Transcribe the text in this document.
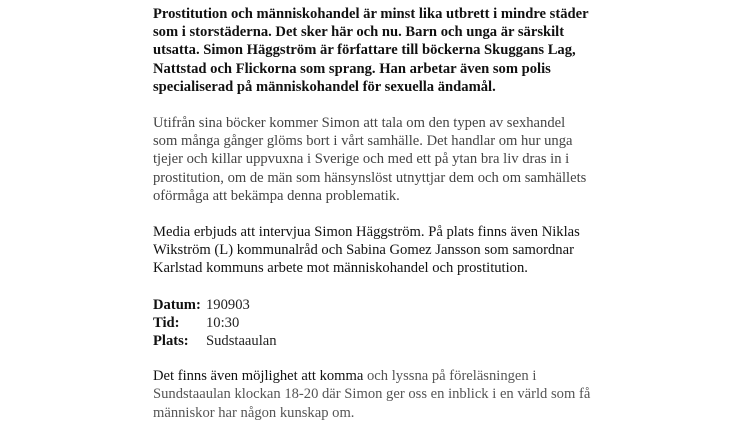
Prostitution och människohandel är minst lika utbrett i mindre städer som i storstäderna. Det sker här och nu. Barn och unga är särskilt utsatta. Simon Häggström är författare till böckerna Skuggans Lag, Nattstad och Flickorna som sprang. Han arbetar även som polis specialiserad på människohandel för sexuella ändamål.

Utifrån sina böcker kommer Simon att tala om den typen av sexhandel som många gånger glöms bort i vårt samhälle. Det handlar om hur unga tjejer och killar uppvuxna i Sverige och med ett på ytan bra liv dras in i prostitution, om de män som hänsynslöst utnyttjar dem och om samhällets oförmåga att bekämpa denna problematik.

Media erbjuds att intervjua Simon Häggström. På plats finns även Niklas Wikström (L) kommunalråd och Sabina Gomez Jansson som samordnar Karlstad kommuns arbete mot människohandel och prostitution.

Datum: 190903
Tid:	10:30
Plats:	Sudstaaulan

Det finns även möjlighet att komma och lyssna på föreläsningen i Sundstaaulan klockan 18-20 där Simon ger oss en inblick i en värld som få människor har någon kunskap om.
